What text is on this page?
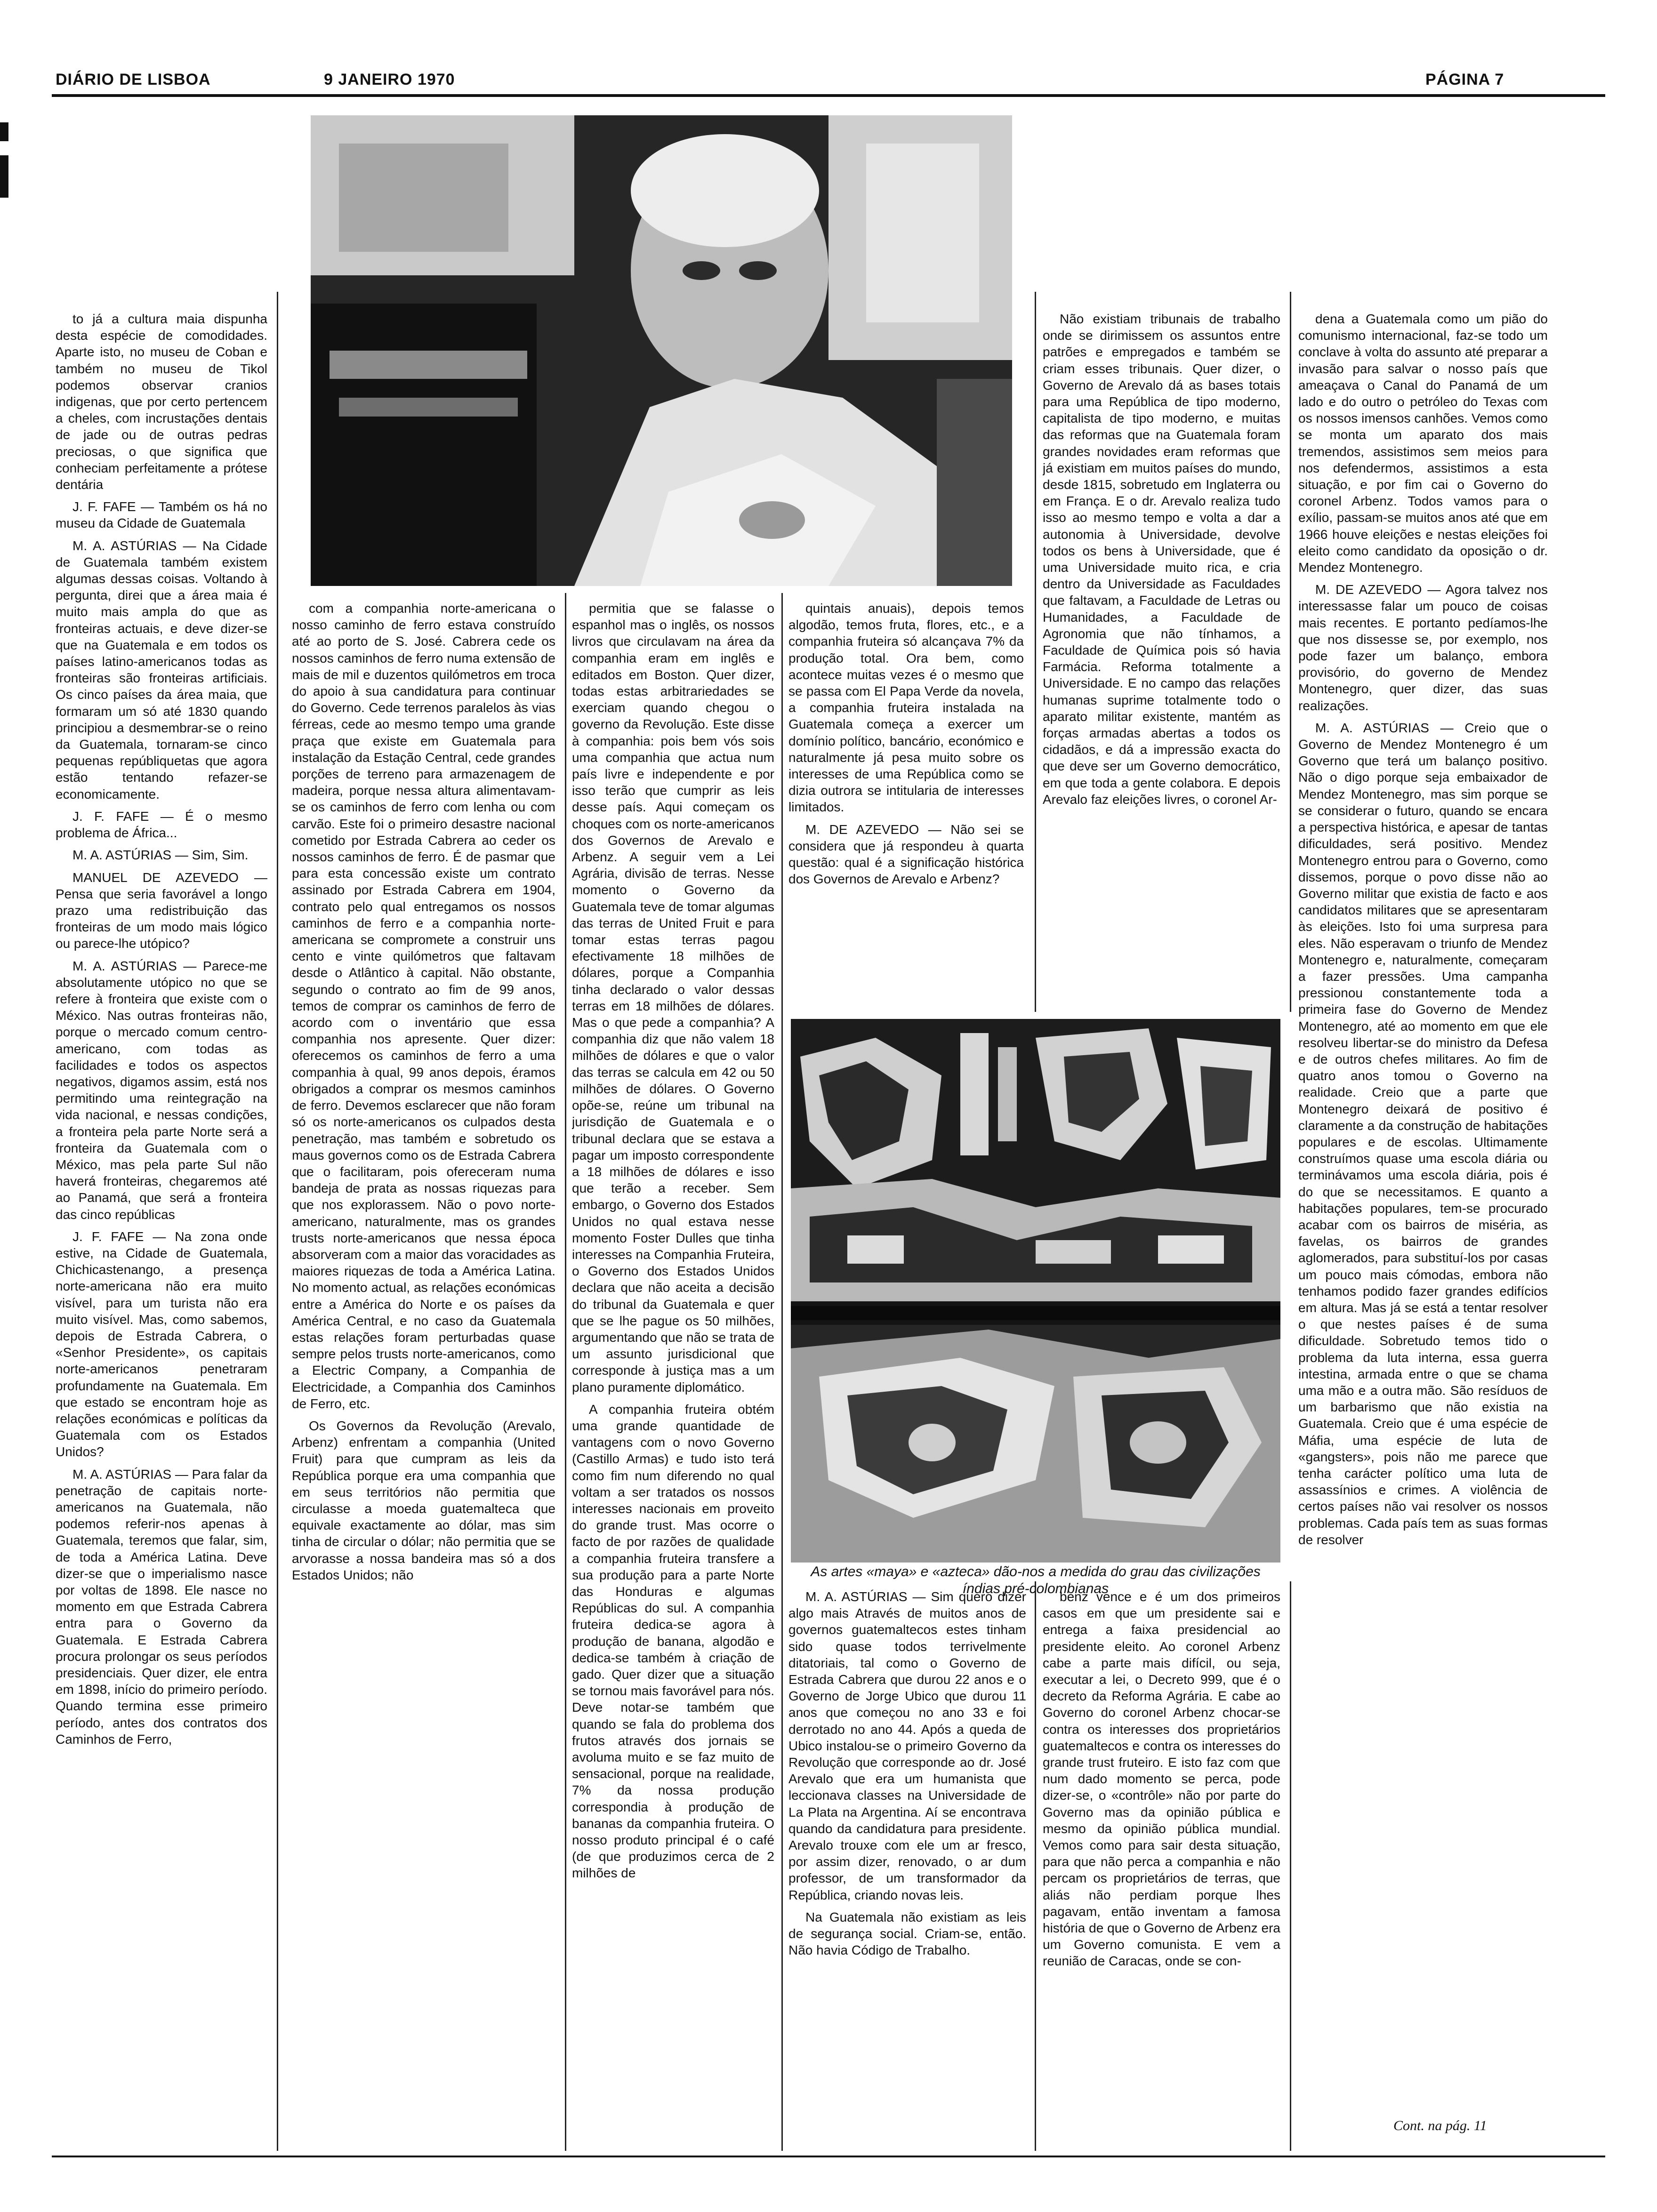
DIÁRIO DE LISBOA	9 JANEIRO 1970	PÁGINA 7

to já a cultura maia dispunha desta espécie de comodidades. Aparte isto, no museu de Coban e também no museu de Tikol podemos observar cranios indigenas, que por certo pertencem a cheles, com incrustações dentais de jade ou de outras pedras preciosas, o que significa que conheciam perfeitamente a prótese dentária

J. F. FAFE — Também os há no museu da Cidade de Guatemala

M. A. ASTÚRIAS — Na Cidade de Guatemala também existem algumas dessas coisas. Voltando à pergunta, direi que a área maia é muito mais ampla do que as fronteiras actuais, e deve dizer-se que na Guatemala e em todos os países latino-americanos todas as fronteiras são fronteiras artificiais. Os cinco países da área maia, que formaram um só até 1830 quando principiou a desmembrar-se o reino da Guatemala, tornaram-se cinco pequenas repúbliquetas que agora estão tentando refazer-se economicamente.

J. F. FAFE — É o mesmo problema de África...

M. A. ASTÚRIAS — Sim, Sim.

MANUEL DE AZEVEDO — Pensa que seria favorável a longo prazo uma redistribuição das fronteiras de um modo mais lógico ou parece-lhe utópico?

M. A. ASTÚRIAS — Parece-me absolutamente utópico no que se refere à fronteira que existe com o México. Nas outras fronteiras não, porque o mercado comum centro-americano, com todas as facilidades e todos os aspectos negativos, digamos assim, está nos permitindo uma reintegração na vida nacional, e nessas condições, a fronteira pela parte Norte será a fronteira da Guatemala com o México, mas pela parte Sul não haverá fronteiras, chegaremos até ao Panamá, que será a fronteira das cinco repúblicas

J. F. FAFE — Na zona onde estive, na Cidade de Guatemala, Chichicastenango, a presença norte-americana não era muito visível, para um turista não era muito visível. Mas, como sabemos, depois de Estrada Cabrera, o «Senhor Presidente», os capitais norte-americanos penetraram profundamente na Guatemala. Em que estado se encontram hoje as relações económicas e políticas da Guatemala com os Estados Unidos?

M. A. ASTÚRIAS — Para falar da penetração de capitais norte-americanos na Guatemala, não podemos referir-nos apenas à Guatemala, teremos que falar, sim, de toda a América Latina. Deve dizer-se que o imperialismo nasce por voltas de 1898. Ele nasce no momento em que Estrada Cabrera entra para o Governo da Guatemala. E Estrada Cabrera procura prolongar os seus períodos presidenciais. Quer dizer, ele entra em 1898, início do primeiro período. Quando termina esse primeiro período, antes dos contratos dos Caminhos de Ferro,

com a companhia norte-americana o nosso caminho de ferro estava construído até ao porto de S. José. Cabrera cede os nossos caminhos de ferro numa extensão de mais de mil e duzentos quilómetros em troca do apoio à sua candidatura para continuar do Governo. Cede terrenos paralelos às vias férreas, cede ao mesmo tempo uma grande praça que existe em Guatemala para instalação da Estação Central, cede grandes porções de terreno para armazenagem de madeira, porque nessa altura alimentavam-se os caminhos de ferro com lenha ou com carvão. Este foi o primeiro desastre nacional cometido por Estrada Cabrera ao ceder os nossos caminhos de ferro. É de pasmar que para esta concessão existe um contrato assinado por Estrada Cabrera em 1904, contrato pelo qual entregamos os nossos caminhos de ferro e a companhia norte-americana se compromete a construir uns cento e vinte quilómetros que faltavam desde o Atlântico à capital. Não obstante, segundo o contrato ao fim de 99 anos, temos de comprar os caminhos de ferro de acordo com o inventário que essa companhia nos apresente. Quer dizer: oferecemos os caminhos de ferro a uma companhia à qual, 99 anos depois, éramos obrigados a comprar os mesmos caminhos de ferro. Devemos esclarecer que não foram só os norte-americanos os culpados desta penetração, mas também e sobretudo os maus governos como os de Estrada Cabrera que o facilitaram, pois ofereceram numa bandeja de prata as nossas riquezas para que nos explorassem. Não o povo norte-americano, naturalmente, mas os grandes trusts norte-americanos que nessa época absorveram com a maior das voracidades as maiores riquezas de toda a América Latina. No momento actual, as relações económicas entre a América do Norte e os países da América Central, e no caso da Guatemala estas relações foram perturbadas quase sempre pelos trusts norte-americanos, como a Electric Company, a Companhia de Electricidade, a Companhia dos Caminhos de Ferro, etc.

Os Governos da Revolução (Arevalo, Arbenz) enfrentam a companhia (United Fruit) para que cumpram as leis da República porque era uma companhia que em seus territórios não permitia que circulasse a moeda guatemalteca que equivale exactamente ao dólar, mas sim tinha de circular o dólar; não permitia que se arvorasse a nossa bandeira mas só a dos Estados Unidos; não

permitia que se falasse o espanhol mas o inglês, os nossos livros que circulavam na área da companhia eram em inglês e editados em Boston. Quer dizer, todas estas arbitrariedades se exerciam quando chegou o governo da Revolução. Este disse à companhia: pois bem vós sois uma companhia que actua num país livre e independente e por isso terão que cumprir as leis desse país. Aqui começam os choques com os norte-americanos dos Governos de Arevalo e Arbenz. A seguir vem a Lei Agrária, divisão de terras. Nesse momento o Governo da Guatemala teve de tomar algumas das terras de United Fruit e para tomar estas terras pagou efectivamente 18 milhões de dólares, porque a Companhia tinha declarado o valor dessas terras em 18 milhões de dólares. Mas o que pede a companhia? A companhia diz que não valem 18 milhões de dólares e que o valor das terras se calcula em 42 ou 50 milhões de dólares. O Governo opõe-se, reúne um tribunal na jurisdição de Guatemala e o tribunal declara que se estava a pagar um imposto correspondente a 18 milhões de dólares e isso que terão a receber. Sem embargo, o Governo dos Estados Unidos no qual estava nesse momento Foster Dulles que tinha interesses na Companhia Fruteira, o Governo dos Estados Unidos declara que não aceita a decisão do tribunal da Guatemala e quer que se lhe pague os 50 milhões, argumentando que não se trata de um assunto jurisdicional que corresponde à justiça mas a um plano puramente diplomático.

A companhia fruteira obtém uma grande quantidade de vantagens com o novo Governo (Castillo Armas) e tudo isto terá como fim num diferendo no qual voltam a ser tratados os nossos interesses nacionais em proveito do grande trust. Mas ocorre o facto de por razões de qualidade a companhia fruteira transfere a sua produção para a parte Norte das Honduras e algumas Repúblicas do sul. A companhia fruteira dedica-se agora à produção de banana, algodão e dedica-se também à criação de gado. Quer dizer que a situação se tornou mais favorável para nós. Deve notar-se também que quando se fala do problema dos frutos através dos jornais se avoluma muito e se faz muito de sensacional, porque na realidade, 7% da nossa produção correspondia à produção de bananas da companhia fruteira. O nosso produto principal é o café (de que produzimos cerca de 2 milhões de

quintais anuais), depois temos algodão, temos fruta, flores, etc., e a companhia fruteira só alcançava 7% da produção total. Ora bem, como acontece muitas vezes é o mesmo que se passa com El Papa Verde da novela, a companhia fruteira instalada na Guatemala começa a exercer um domínio político, bancário, económico e naturalmente já pesa muito sobre os interesses de uma República como se dizia outrora se intitularia de interesses limitados.

M. DE AZEVEDO — Não sei se considera que já respondeu à quarta questão: qual é a significação histórica dos Governos de Arevalo e Arbenz?

M. A. ASTÚRIAS — Sim quero dizer algo mais Através de muitos anos de governos guatemaltecos estes tinham sido quase todos terrivelmente ditatoriais, tal como o Governo de Estrada Cabrera que durou 22 anos e o Governo de Jorge Ubico que durou 11 anos que começou no ano 33 e foi derrotado no ano 44. Após a queda de Ubico instalou-se o primeiro Governo da Revolução que corresponde ao dr. José Arevalo que era um humanista que leccionava classes na Universidade de La Plata na Argentina. Aí se encontrava quando da candidatura para presidente. Arevalo trouxe com ele um ar fresco, por assim dizer, renovado, o ar dum professor, de um transformador da República, criando novas leis.

Na Guatemala não existiam as leis de segurança social. Criam-se, então. Não havia Código de Trabalho.

Não existiam tribunais de trabalho onde se dirimissem os assuntos entre patrões e empregados e também se criam esses tribunais. Quer dizer, o Governo de Arevalo dá as bases totais para uma República de tipo moderno, capitalista de tipo moderno, e muitas das reformas que na Guatemala foram grandes novidades eram reformas que já existiam em muitos países do mundo, desde 1815, sobretudo em Inglaterra ou em França. E o dr. Arevalo realiza tudo isso ao mesmo tempo e volta a dar a autonomia à Universidade, devolve todos os bens à Universidade, que é uma Universidade muito rica, e cria dentro da Universidade as Faculdades que faltavam, a Faculdade de Letras ou Humanidades, a Faculdade de Agronomia que não tínhamos, a Faculdade de Química pois só havia Farmácia. Reforma totalmente a Universidade. E no campo das relações humanas suprime totalmente todo o aparato militar existente, mantém as forças armadas abertas a todos os cidadãos, e dá a impressão exacta do que deve ser um Governo democrático, em que toda a gente colabora. E depois Arevalo faz eleições livres, o coronel Ar-

benz vence e é um dos primeiros casos em que um presidente sai e entrega a faixa presidencial ao presidente eleito. Ao coronel Arbenz cabe a parte mais difícil, ou seja, executar a lei, o Decreto 999, que é o decreto da Reforma Agrária. E cabe ao Governo do coronel Arbenz chocar-se contra os interesses dos proprietários guatemaltecos e contra os interesses do grande trust fruteiro. E isto faz com que num dado momento se perca, pode dizer-se, o «contrôle» não por parte do Governo mas da opinião pública e mesmo da opinião pública mundial. Vemos como para sair desta situação, para que não perca a companhia e não percam os proprietários de terras, que aliás não perdiam porque lhes pagavam, então inventam a famosa história de que o Governo de Arbenz era um Governo comunista. E vem a reunião de Caracas, onde se con-

dena a Guatemala como um pião do comunismo internacional, faz-se todo um conclave à volta do assunto até preparar a invasão para salvar o nosso país que ameaçava o Canal do Panamá de um lado e do outro o petróleo do Texas com os nossos imensos canhões. Vemos como se monta um aparato dos mais tremendos, assistimos sem meios para nos defendermos, assistimos a esta situação, e por fim cai o Governo do coronel Arbenz. Todos vamos para o exílio, passam-se muitos anos até que em 1966 houve eleições e nestas eleições foi eleito como candidato da oposição o dr. Mendez Montenegro.

M. DE AZEVEDO — Agora talvez nos interessasse falar um pouco de coisas mais recentes. E portanto pedíamos-lhe que nos dissesse se, por exemplo, nos pode fazer um balanço, embora provisório, do governo de Mendez Montenegro, quer dizer, das suas realizações.

M. A. ASTÚRIAS — Creio que o Governo de Mendez Montenegro é um Governo que terá um balanço positivo. Não o digo porque seja embaixador de Mendez Montenegro, mas sim porque se se considerar o futuro, quando se encara a perspectiva histórica, e apesar de tantas dificuldades, será positivo. Mendez Montenegro entrou para o Governo, como dissemos, porque o povo disse não ao Governo militar que existia de facto e aos candidatos militares que se apresentaram às eleições. Isto foi uma surpresa para eles. Não esperavam o triunfo de Mendez Montenegro e, naturalmente, começaram a fazer pressões. Uma campanha pressionou constantemente toda a primeira fase do Governo de Mendez Montenegro, até ao momento em que ele resolveu libertar-se do ministro da Defesa e de outros chefes militares. Ao fim de quatro anos tomou o Governo na realidade. Creio que a parte que Montenegro deixará de positivo é claramente a da construção de habitações populares e de escolas. Ultimamente construímos quase uma escola diária ou terminávamos uma escola diária, pois é do que se necessitamos. E quanto a habitações populares, tem-se procurado acabar com os bairros de miséria, as favelas, os bairros de grandes aglomerados, para substituí-los por casas um pouco mais cómodas, embora não tenhamos podido fazer grandes edifícios em altura. Mas já se está a tentar resolver o que nestes países é de suma dificuldade. Sobretudo temos tido o problema da luta interna, essa guerra intestina, armada entre o que se chama uma mão e a outra mão. São resíduos de um barbarismo que não existia na Guatemala. Creio que é uma espécie de Máfia, uma espécie de luta de «gangsters», pois não me parece que tenha carácter político uma luta de assassínios e crimes. A violência de certos países não vai resolver os nossos problemas. Cada país tem as suas formas de resolver

As artes «maya» e «azteca» dão-nos a medida do grau das civilizações índias pré-colombianas
Cont. na pág. 11
